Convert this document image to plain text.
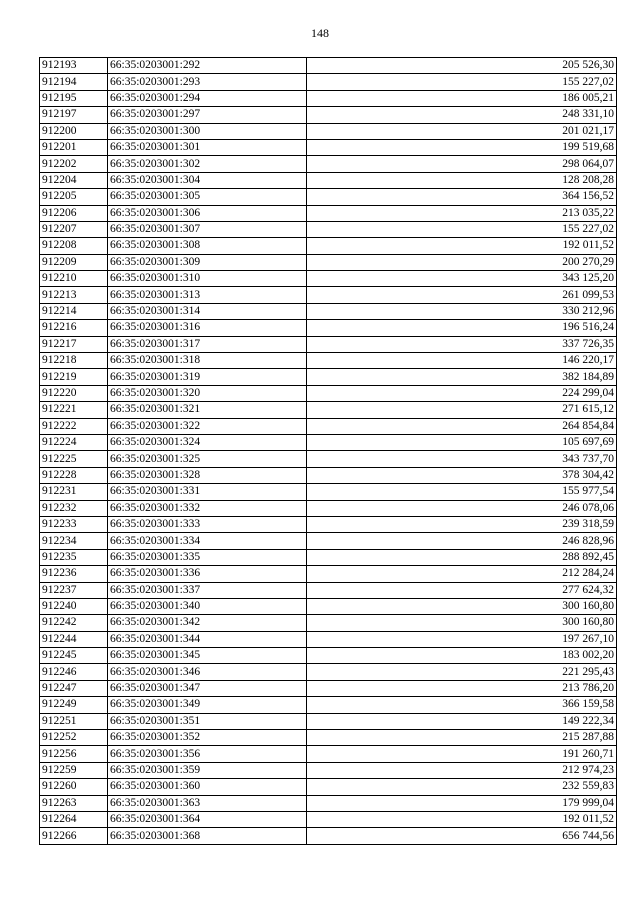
148
912193	66:35:0203001:292	205 526,30
912194	66:35:0203001:293	155 227,02
912195	66:35:0203001:294	186 005,21
912197	66:35:0203001:297	248 331,10
912200	66:35:0203001:300	201 021,17
912201	66:35:0203001:301	199 519,68
912202	66:35:0203001:302	298 064,07
912204	66:35:0203001:304	128 208,28
912205	66:35:0203001:305	364 156,52
912206	66:35:0203001:306	213 035,22
912207	66:35:0203001:307	155 227,02
912208	66:35:0203001:308	192 011,52
912209	66:35:0203001:309	200 270,29
912210	66:35:0203001:310	343 125,20
912213	66:35:0203001:313	261 099,53
912214	66:35:0203001:314	330 212,96
912216	66:35:0203001:316	196 516,24
912217	66:35:0203001:317	337 726,35
912218	66:35:0203001:318	146 220,17
912219	66:35:0203001:319	382 184,89
912220	66:35:0203001:320	224 299,04
912221	66:35:0203001:321	271 615,12
912222	66:35:0203001:322	264 854,84
912224	66:35:0203001:324	105 697,69
912225	66:35:0203001:325	343 737,70
912228	66:35:0203001:328	378 304,42
912231	66:35:0203001:331	155 977,54
912232	66:35:0203001:332	246 078,06
912233	66:35:0203001:333	239 318,59
912234	66:35:0203001:334	246 828,96
912235	66:35:0203001:335	288 892,45
912236	66:35:0203001:336	212 284,24
912237	66:35:0203001:337	277 624,32
912240	66:35:0203001:340	300 160,80
912242	66:35:0203001:342	300 160,80
912244	66:35:0203001:344	197 267,10
912245	66:35:0203001:345	183 002,20
912246	66:35:0203001:346	221 295,43
912247	66:35:0203001:347	213 786,20
912249	66:35:0203001:349	366 159,58
912251	66:35:0203001:351	149 222,34
912252	66:35:0203001:352	215 287,88
912256	66:35:0203001:356	191 260,71
912259	66:35:0203001:359	212 974,23
912260	66:35:0203001:360	232 559,83
912263	66:35:0203001:363	179 999,04
912264	66:35:0203001:364	192 011,52
912266	66:35:0203001:368	656 744,56
